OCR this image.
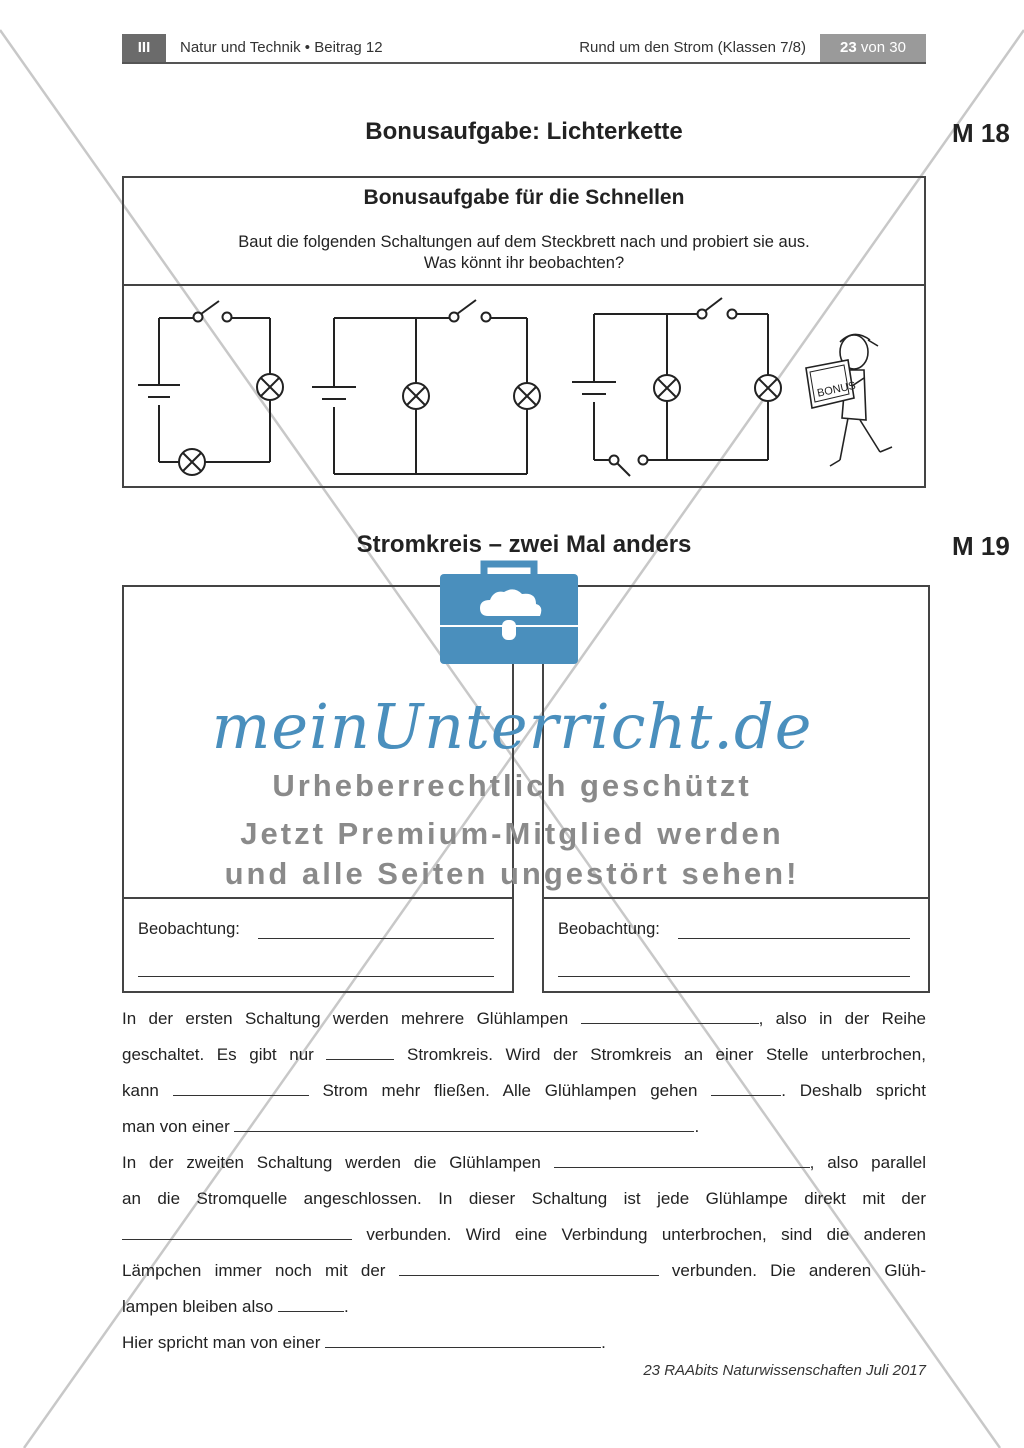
III	Natur und Technik • Beitrag 12	Rund um den Strom (Klassen 7/8)	23 von 30
Bonusaufgabe: Lichterkette	M 18
Bonusaufgabe für die Schnellen
Baut die folgenden Schaltungen auf dem Steckbrett nach und probiert sie aus.
Was könnt ihr beobachten?
BONUS
Stromkreis – zwei Mal anders	M 19
Beobachtung:	Beobachtung:
meinUnterricht.de
Urheberrechtlich geschützt
Jetzt Premium-Mitglied werden
und alle Seiten ungestört sehen!
In der ersten Schaltung werden mehrere Glühlampen	, also in der Reihe
geschaltet. Es gibt nur	Stromkreis. Wird der Stromkreis an einer Stelle unterbrochen,
kann	Strom mehr fließen. Alle Glühlampen gehen	. Deshalb spricht
man von einer	.
In der zweiten Schaltung werden die Glühlampen	, also parallel
an die Stromquelle angeschlossen. In dieser Schaltung ist jede Glühlampe direkt mit der
verbunden. Wird eine Verbindung unterbrochen, sind die anderen
Lämpchen immer noch mit der	verbunden. Die anderen Glüh-
lampen bleiben also	.
Hier spricht man von einer	.
23 RAAbits Naturwissenschaften Juli 2017
